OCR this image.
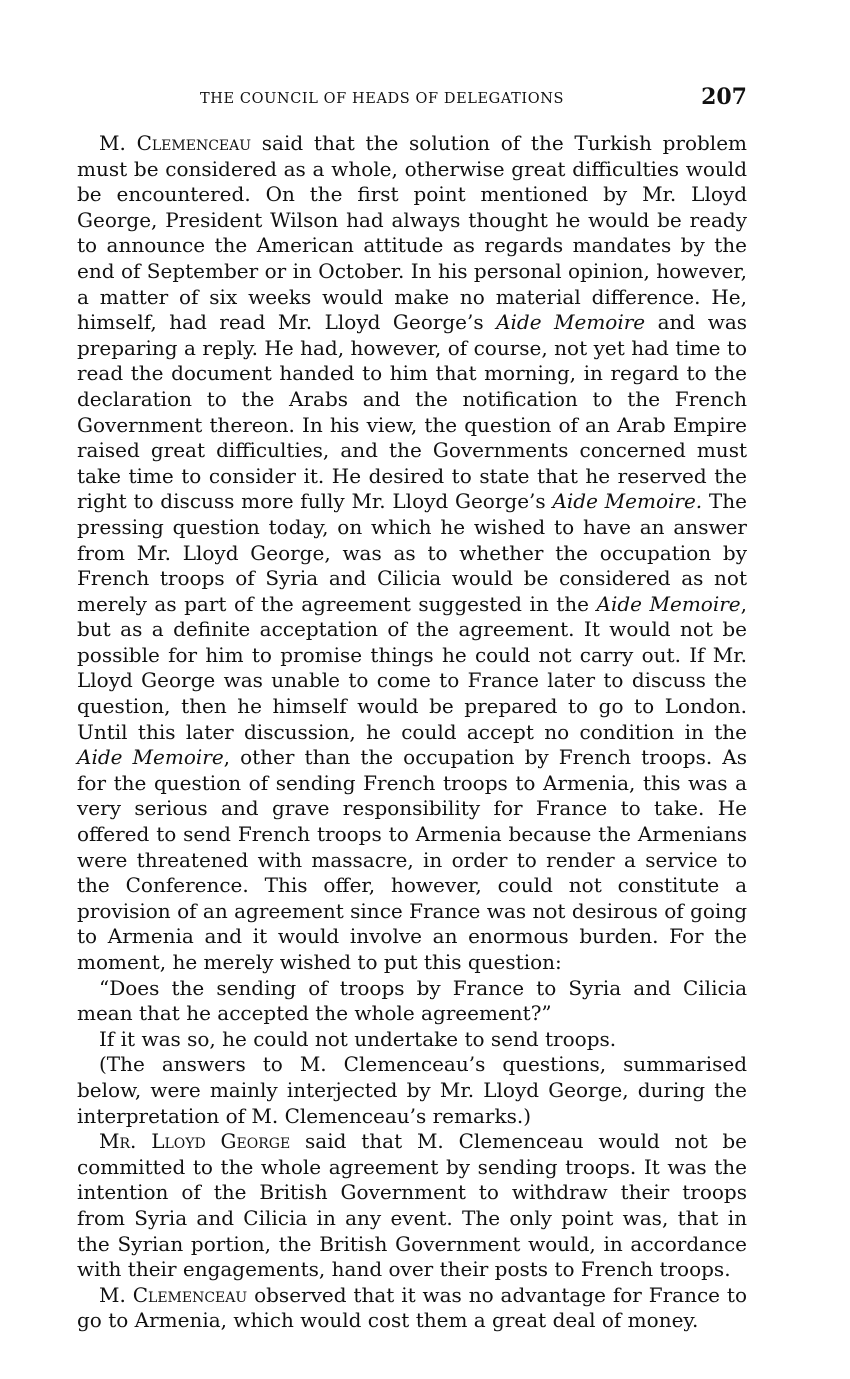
THE COUNCIL OF HEADS OF DELEGATIONS	207

M. Clemenceau said that the solution of the Turkish problem must be considered as a whole, otherwise great difficulties would be encountered. On the first point mentioned by Mr. Lloyd George, President Wilson had always thought he would be ready to announce the American attitude as regards mandates by the end of September or in October. In his personal opinion, however, a matter of six weeks would make no material difference. He, himself, had read Mr. Lloyd George’s Aide Memoire and was preparing a reply. He had, however, of course, not yet had time to read the document handed to him that morning, in regard to the declaration to the Arabs and the notification to the French Government thereon. In his view, the question of an Arab Empire raised great difficulties, and the Governments concerned must take time to consider it. He desired to state that he reserved the right to discuss more fully Mr. Lloyd George’s Aide Memoire. The pressing question today, on which he wished to have an answer from Mr. Lloyd George, was as to whether the occupation by French troops of Syria and Cilicia would be considered as not merely as part of the agreement suggested in the Aide Memoire, but as a definite acceptation of the agreement. It would not be possible for him to promise things he could not carry out. If Mr. Lloyd George was unable to come to France later to discuss the question, then he himself would be prepared to go to London. Until this later discussion, he could accept no condition in the Aide Memoire, other than the occupation by French troops. As for the question of sending French troops to Armenia, this was a very serious and grave responsibility for France to take. He offered to send French troops to Armenia because the Armenians were threatened with massacre, in order to render a service to the Conference. This offer, however, could not constitute a provision of an agreement since France was not desirous of going to Armenia and it would involve an enormous burden. For the moment, he merely wished to put this question:

“Does the sending of troops by France to Syria and Cilicia mean that he accepted the whole agreement?”

If it was so, he could not undertake to send troops.

(The answers to M. Clemenceau’s questions, summarised below, were mainly interjected by Mr. Lloyd George, during the interpretation of M. Clemenceau’s remarks.)

Mr. Lloyd George said that M. Clemenceau would not be committed to the whole agreement by sending troops. It was the intention of the British Government to withdraw their troops from Syria and Cilicia in any event. The only point was, that in the Syrian portion, the British Government would, in accordance with their engagements, hand over their posts to French troops.

M. Clemenceau observed that it was no advantage for France to go to Armenia, which would cost them a great deal of money.
